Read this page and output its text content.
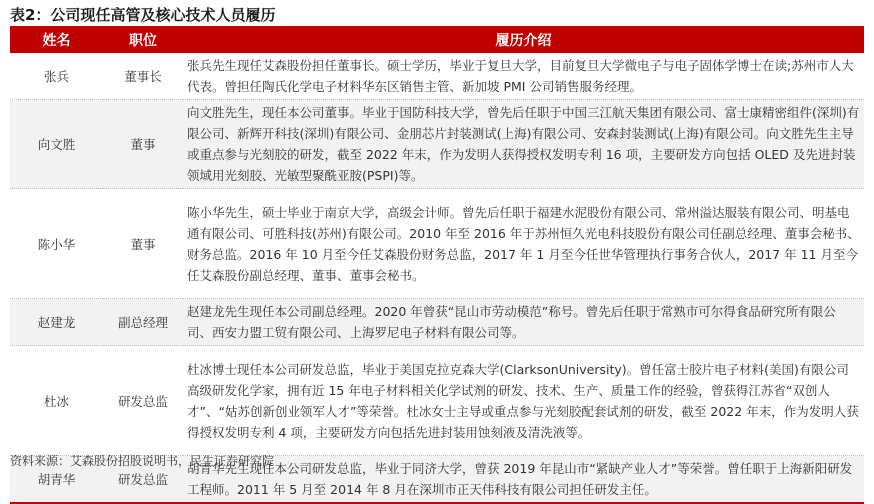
表2：公司现任高管及核心技术人员履历
姓名	职位	履历介绍
张兵	董事长	张兵先生现任艾森股份担任董事长。硕士学历，毕业于复旦大学，目前复旦大学微电子与电子固体学博士在读;苏州市人大代表。曾担任陶氏化学电子材料华东区销售主管、新加坡 PMI 公司销售服务经理。
向文胜	董事	向文胜先生，现任本公司董事。毕业于国防科技大学，曾先后任职于中国三江航天集团有限公司、富士康精密组件(深圳)有限公司、新辉开科技(深圳)有限公司、金朋芯片封装测试(上海)有限公司、安森封装测试(上海)有限公司。向文胜先生主导或重点参与光刻胶的研发，截至 2022 年末，作为发明人获得授权发明专利 16 项，主要研发方向包括 OLED 及先进封装领域用光刻胶、光敏型聚酰亚胺(PSPI)等。
陈小华	董事	陈小华先生，硕士毕业于南京大学，高级会计师。曾先后任职于福建水泥股份有限公司、常州溢达服装有限公司、明基电通有限公司、可胜科技(苏州)有限公司。2010 年至 2016 年于苏州恒久光电科技股份有限公司任副总经理、董事会秘书、财务总监。2016 年 10 月至今任艾森股份财务总监，2017 年 1 月至今任世华管理执行事务合伙人，2017 年 11 月至今任艾森股份副总经理、董事、董事会秘书。
赵建龙	副总经理	赵建龙先生现任本公司副总经理。2020 年曾获“昆山市劳动模范”称号。曾先后任职于常熟市可尔得食品研究所有限公司、西安力盟工贸有限公司、上海罗尼电子材料有限公司等。
杜冰	研发总监	杜冰博士现任本公司研发总监，毕业于美国克拉克森大学(ClarksonUniversity)。曾任富士胶片电子材料(美国)有限公司高级研发化学家，拥有近 15 年电子材料相关化学试剂的研发、技术、生产、质量工作的经验，曾获得江苏省“双创人才”、“姑苏创新创业领军人才”等荣誉。杜冰女士主导或重点参与光刻胶配套试剂的研发，截至 2022 年末，作为发明人获得授权发明专利 4 项，主要研发方向包括先进封装用蚀刻液及清洗液等。
胡青华	研发总监	胡青华先生现任本公司研发总监，毕业于同济大学，曾获 2019 年昆山市“紧缺产业人才”等荣誉。曾任职于上海新阳研发工程师。2011 年 5 月至 2014 年 8 月在深圳市正天伟科技有限公司担任研发主任。
资料来源：艾森股份招股说明书，民生证券研究院
